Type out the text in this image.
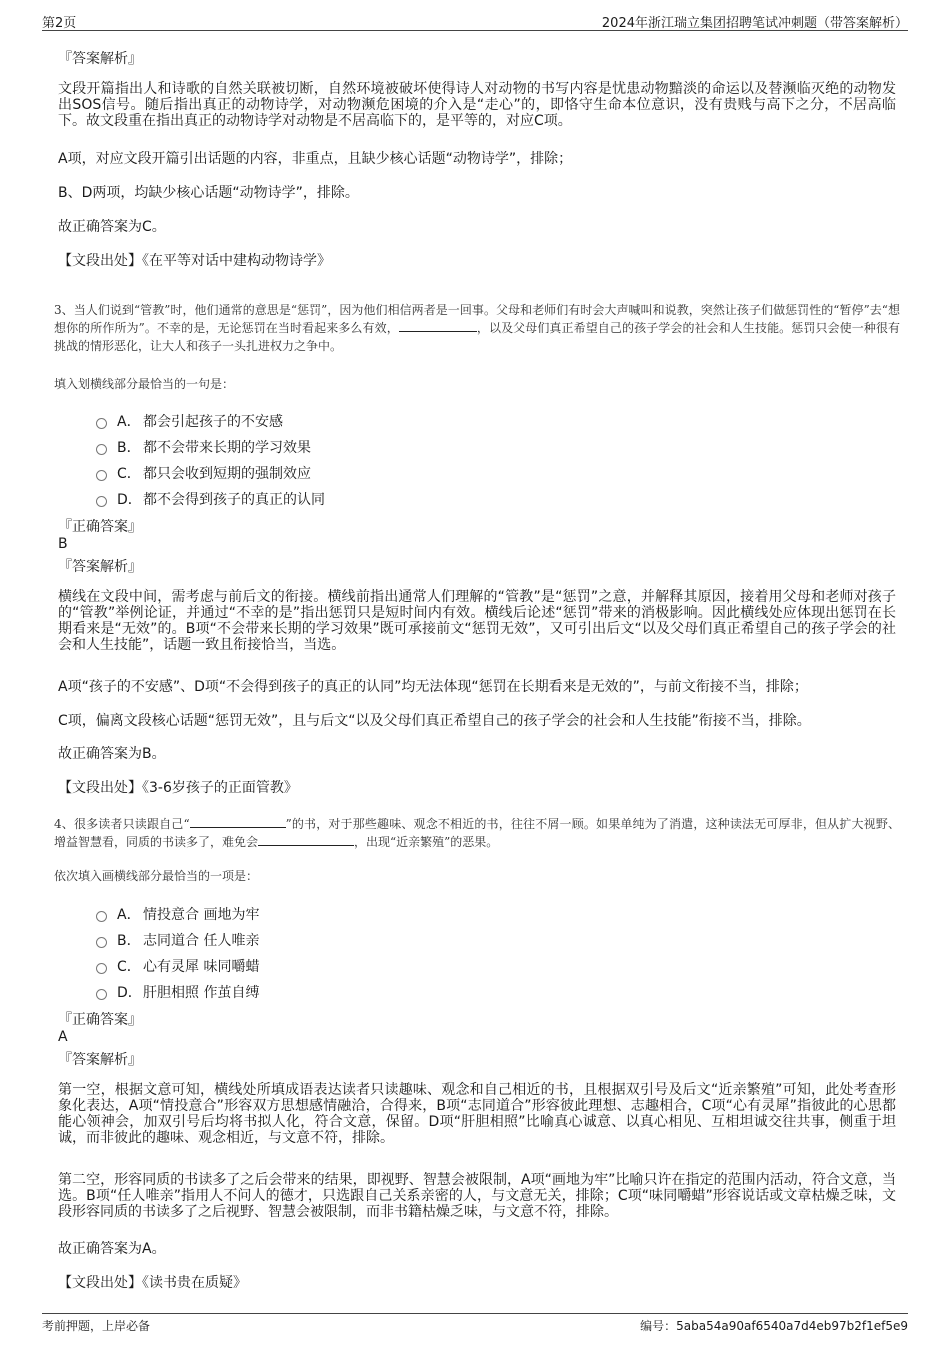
第2页	2024年浙江瑞立集团招聘笔试冲刺题（带答案解析）

『答案解析』

文段开篇指出人和诗歌的自然关联被切断，自然环境被破坏使得诗人对动物的书写内容是忧患动物黯淡的命运以及替濒临灭绝的动物发出SOS信号。随后指出真正的动物诗学，对动物濒危困境的介入是“走心”的，即恪守生命本位意识，没有贵贱与高下之分，不居高临下。故文段重在指出真正的动物诗学对动物是不居高临下的，是平等的，对应C项。

A项，对应文段开篇引出话题的内容，非重点，且缺少核心话题“动物诗学”，排除；

B、D两项，均缺少核心话题“动物诗学”，排除。

故正确答案为C。

【文段出处】《在平等对话中建构动物诗学》

3、当人们说到“管教”时，他们通常的意思是“惩罚”，因为他们相信两者是一回事。父母和老师们有时会大声喊叫和说教，突然让孩子们做惩罚性的“暂停”去“想想你的所作所为”。不幸的是，无论惩罚在当时看起来多么有效，	，以及父母们真正希望自己的孩子学会的社会和人生技能。惩罚只会使一种很有挑战的情形恶化，让大人和孩子一头扎进权力之争中。

填入划横线部分最恰当的一句是：

A． 都会引起孩子的不安感
B． 都不会带来长期的学习效果
C． 都只会收到短期的强制效应
D． 都不会得到孩子的真正的认同

『正确答案』

B

『答案解析』

横线在文段中间，需考虑与前后文的衔接。横线前指出通常人们理解的“管教”是“惩罚”之意，并解释其原因，接着用父母和老师对孩子的“管教”举例论证，并通过“不幸的是”指出惩罚只是短时间内有效。横线后论述“惩罚”带来的消极影响。因此横线处应体现出惩罚在长期看来是“无效”的。B项“不会带来长期的学习效果”既可承接前文“惩罚无效”，又可引出后文“以及父母们真正希望自己的孩子学会的社会和人生技能”，话题一致且衔接恰当，当选。

A项“孩子的不安感”、D项“不会得到孩子的真正的认同”均无法体现“惩罚在长期看来是无效的”，与前文衔接不当，排除；

C项，偏离文段核心话题“惩罚无效”，且与后文“以及父母们真正希望自己的孩子学会的社会和人生技能”衔接不当，排除。

故正确答案为B。

【文段出处】《3-6岁孩子的正面管教》

4、很多读者只读跟自己“	”的书，对于那些趣味、观念不相近的书，往往不屑一顾。如果单纯为了消遣，这种读法无可厚非，但从扩大视野、增益智慧看，同质的书读多了，难免会	，出现“近亲繁殖”的恶果。

依次填入画横线部分最恰当的一项是：

A． 情投意合 画地为牢
B． 志同道合 任人唯亲
C． 心有灵犀 味同嚼蜡
D． 肝胆相照 作茧自缚

『正确答案』

A

『答案解析』

第一空，根据文意可知，横线处所填成语表达读者只读趣味、观念和自己相近的书，且根据双引号及后文“近亲繁殖”可知，此处考查形象化表达，A项“情投意合”形容双方思想感情融洽，合得来，B项“志同道合”形容彼此理想、志趣相合，C项“心有灵犀”指彼此的心思都能心领神会，加双引号后均将书拟人化，符合文意，保留。D项“肝胆相照”比喻真心诚意、以真心相见、互相坦诚交往共事，侧重于坦诚，而非彼此的趣味、观念相近，与文意不符，排除。

第二空，形容同质的书读多了之后会带来的结果，即视野、智慧会被限制，A项“画地为牢”比喻只许在指定的范围内活动，符合文意，当选。B项“任人唯亲”指用人不问人的德才，只选跟自己关系亲密的人，与文意无关，排除；C项“味同嚼蜡”形容说话或文章枯燥乏味，文段形容同质的书读多了之后视野、智慧会被限制，而非书籍枯燥乏味，与文意不符，排除。

故正确答案为A。

【文段出处】《读书贵在质疑》

考前押题，上岸必备	编号：5aba54a90af6540a7d4eb97b2f1ef5e9
